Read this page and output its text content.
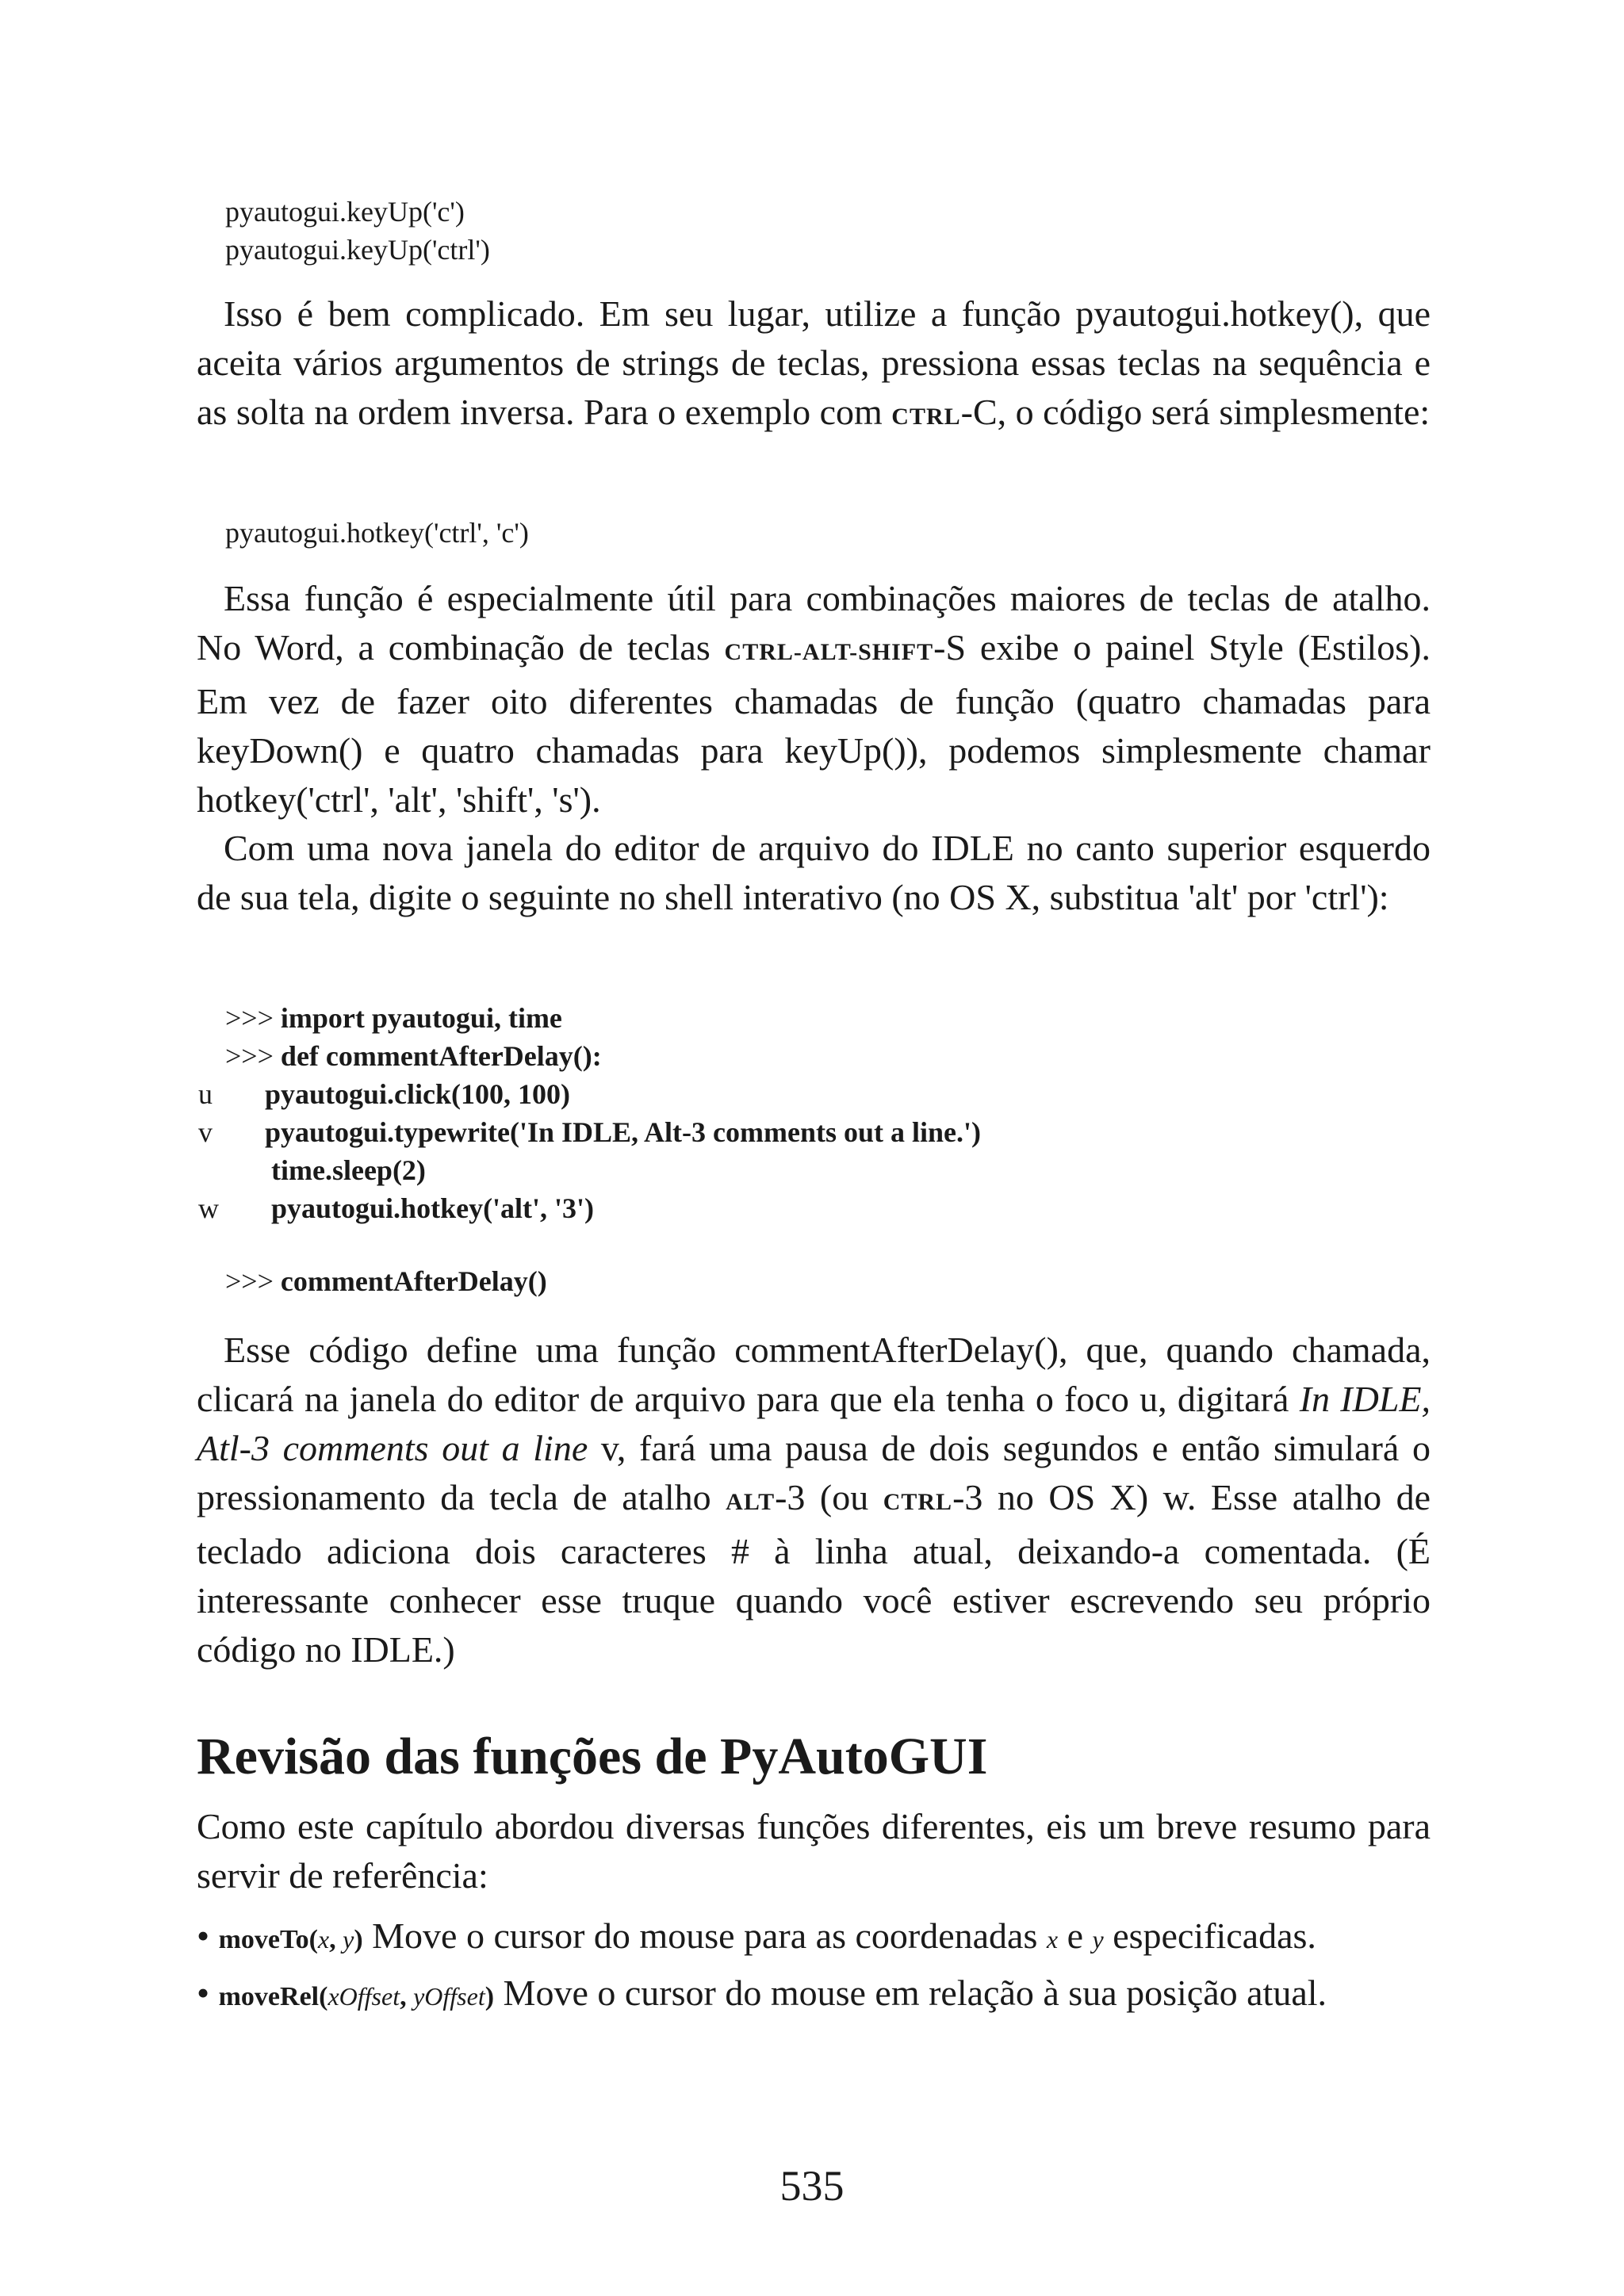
pyautogui.keyUp('c')
pyautogui.keyUp('ctrl')
Isso é bem complicado. Em seu lugar, utilize a função pyautogui.hotkey(), que aceita vários argumentos de strings de teclas, pressiona essas teclas na sequência e as solta na ordem inversa. Para o exemplo com CTRL-C, o código será simplesmente:
pyautogui.hotkey('ctrl', 'c')
Essa função é especialmente útil para combinações maiores de teclas de atalho. No Word, a combinação de teclas CTRL-ALT-SHIFT-S exibe o painel Style (Estilos). Em vez de fazer oito diferentes chamadas de função (quatro chamadas para keyDown() e quatro chamadas para keyUp()), podemos simplesmente chamar hotkey('ctrl', 'alt', 'shift', 's').
Com uma nova janela do editor de arquivo do IDLE no canto superior esquerdo de sua tela, digite o seguinte no shell interativo (no OS X, substitua 'alt' por 'ctrl'):
>>> import pyautogui, time
>>> def commentAfterDelay():
u pyautogui.click(100, 100)
v pyautogui.typewrite('In IDLE, Alt-3 comments out a line.')
time.sleep(2)
w pyautogui.hotkey('alt', '3')
>>> commentAfterDelay()
Esse código define uma função commentAfterDelay(), que, quando chamada, clicará na janela do editor de arquivo para que ela tenha o foco u, digitará In IDLE, Atl-3 comments out a line v, fará uma pausa de dois segundos e então simulará o pressionamento da tecla de atalho ALT-3 (ou CTRL-3 no OS X) w. Esse atalho de teclado adiciona dois caracteres # à linha atual, deixando-a comentada. (É interessante conhecer esse truque quando você estiver escrevendo seu próprio código no IDLE.)
Revisão das funções de PyAutoGUI
Como este capítulo abordou diversas funções diferentes, eis um breve resumo para servir de referência:
• moveTo(x, y) Move o cursor do mouse para as coordenadas x e y especificadas.
• moveRel(xOffset, yOffset) Move o cursor do mouse em relação à sua posição atual.
535
